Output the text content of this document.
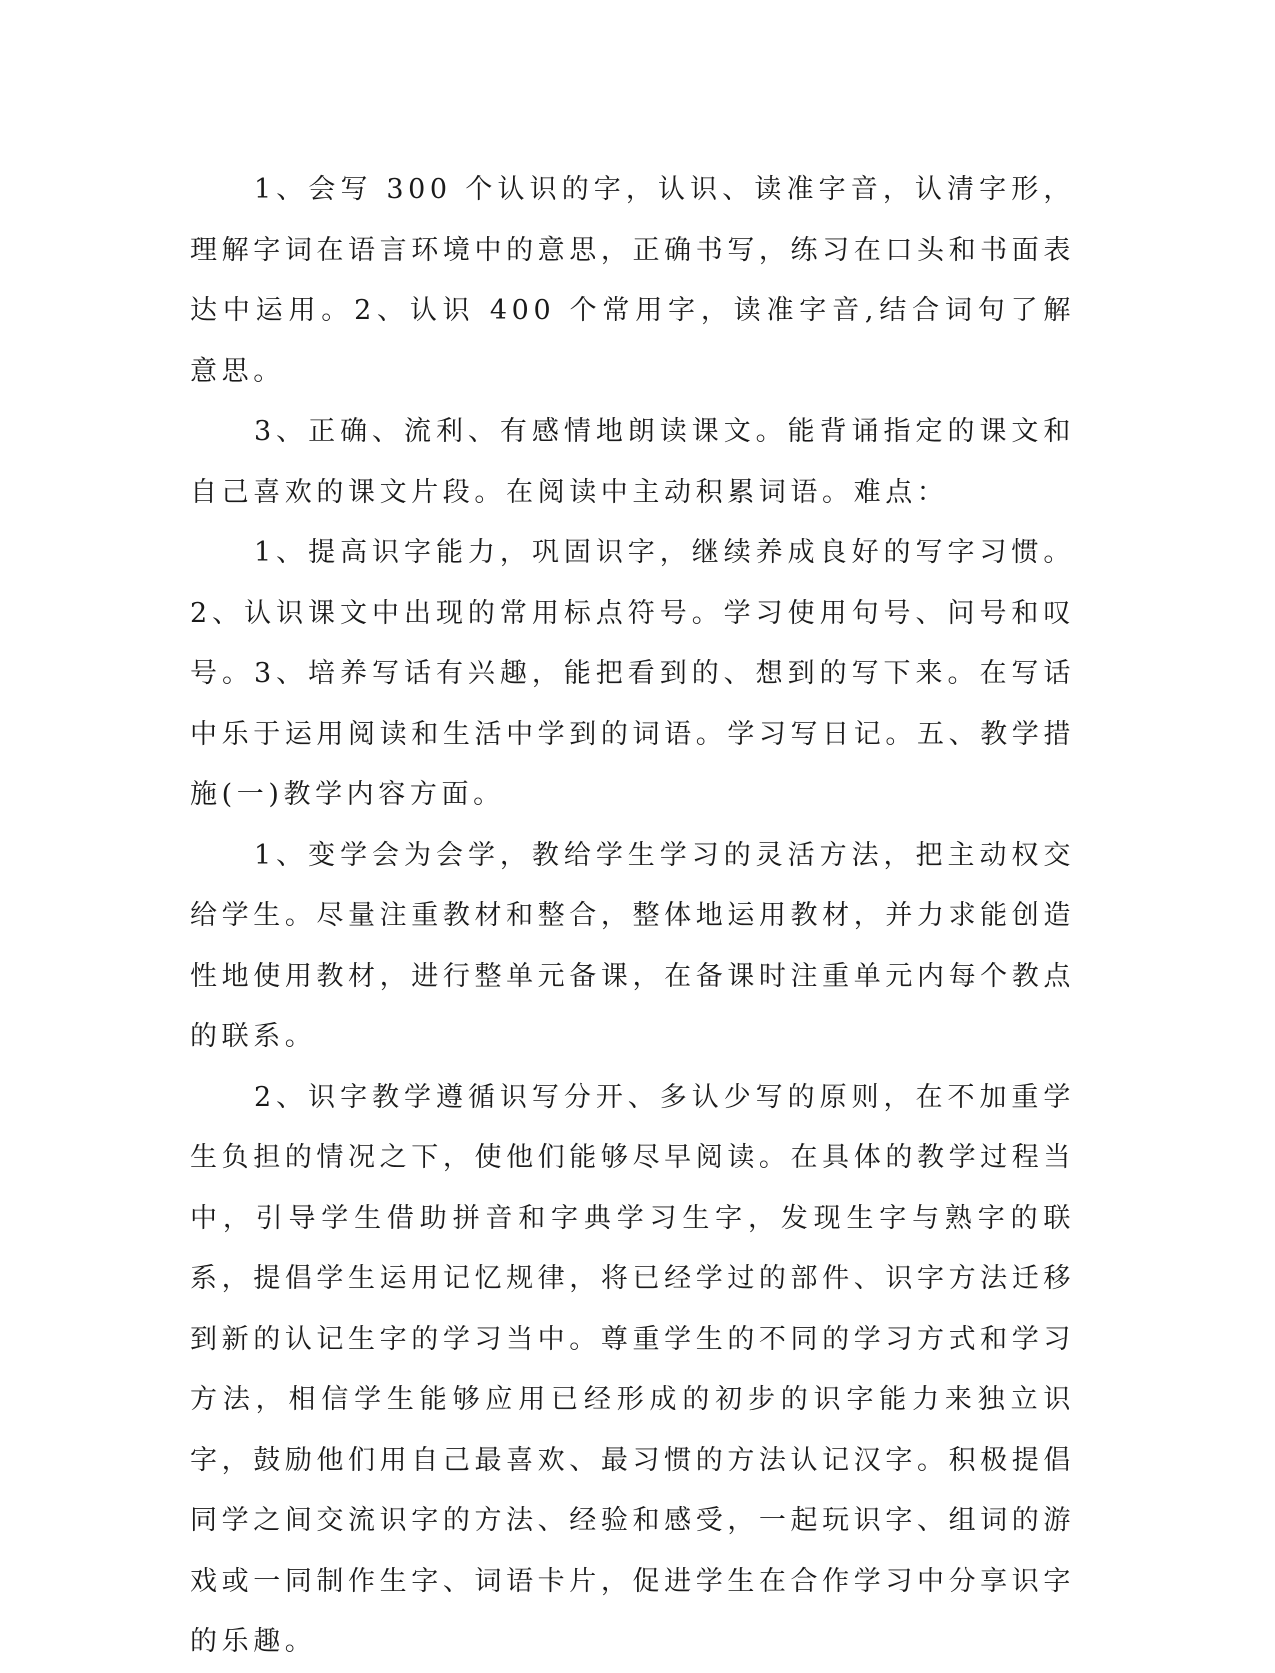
1、会写 300 个认识的字，认识、读准字音，认清字形，理解字词在语言环境中的意思，正确书写，练习在口头和书面表达中运用。2、认识 400 个常用字，读准字音,结合词句了解意思。

3、正确、流利、有感情地朗读课文。能背诵指定的课文和自己喜欢的课文片段。在阅读中主动积累词语。难点：

1、提高识字能力，巩固识字，继续养成良好的写字习惯。2、认识课文中出现的常用标点符号。学习使用句号、问号和叹号。3、培养写话有兴趣，能把看到的、想到的写下来。在写话中乐于运用阅读和生活中学到的词语。学习写日记。五、教学措施(一)教学内容方面。

1、变学会为会学，教给学生学习的灵活方法，把主动权交给学生。尽量注重教材和整合，整体地运用教材，并力求能创造性地使用教材，进行整单元备课，在备课时注重单元内每个教点的联系。

2、识字教学遵循识写分开、多认少写的原则，在不加重学生负担的情况之下，使他们能够尽早阅读。在具体的教学过程当中，引导学生借助拼音和字典学习生字，发现生字与熟字的联系，提倡学生运用记忆规律，将已经学过的部件、识字方法迁移到新的认记生字的学习当中。尊重学生的不同的学习方式和学习方法，相信学生能够应用已经形成的初步的识字能力来独立识字，鼓励他们用自己最喜欢、最习惯的方法认记汉字。积极提倡同学之间交流识字的方法、经验和感受，一起玩识字、组词的游戏或一同制作生字、词语卡片，促进学生在合作学习中分享识字的乐趣。
